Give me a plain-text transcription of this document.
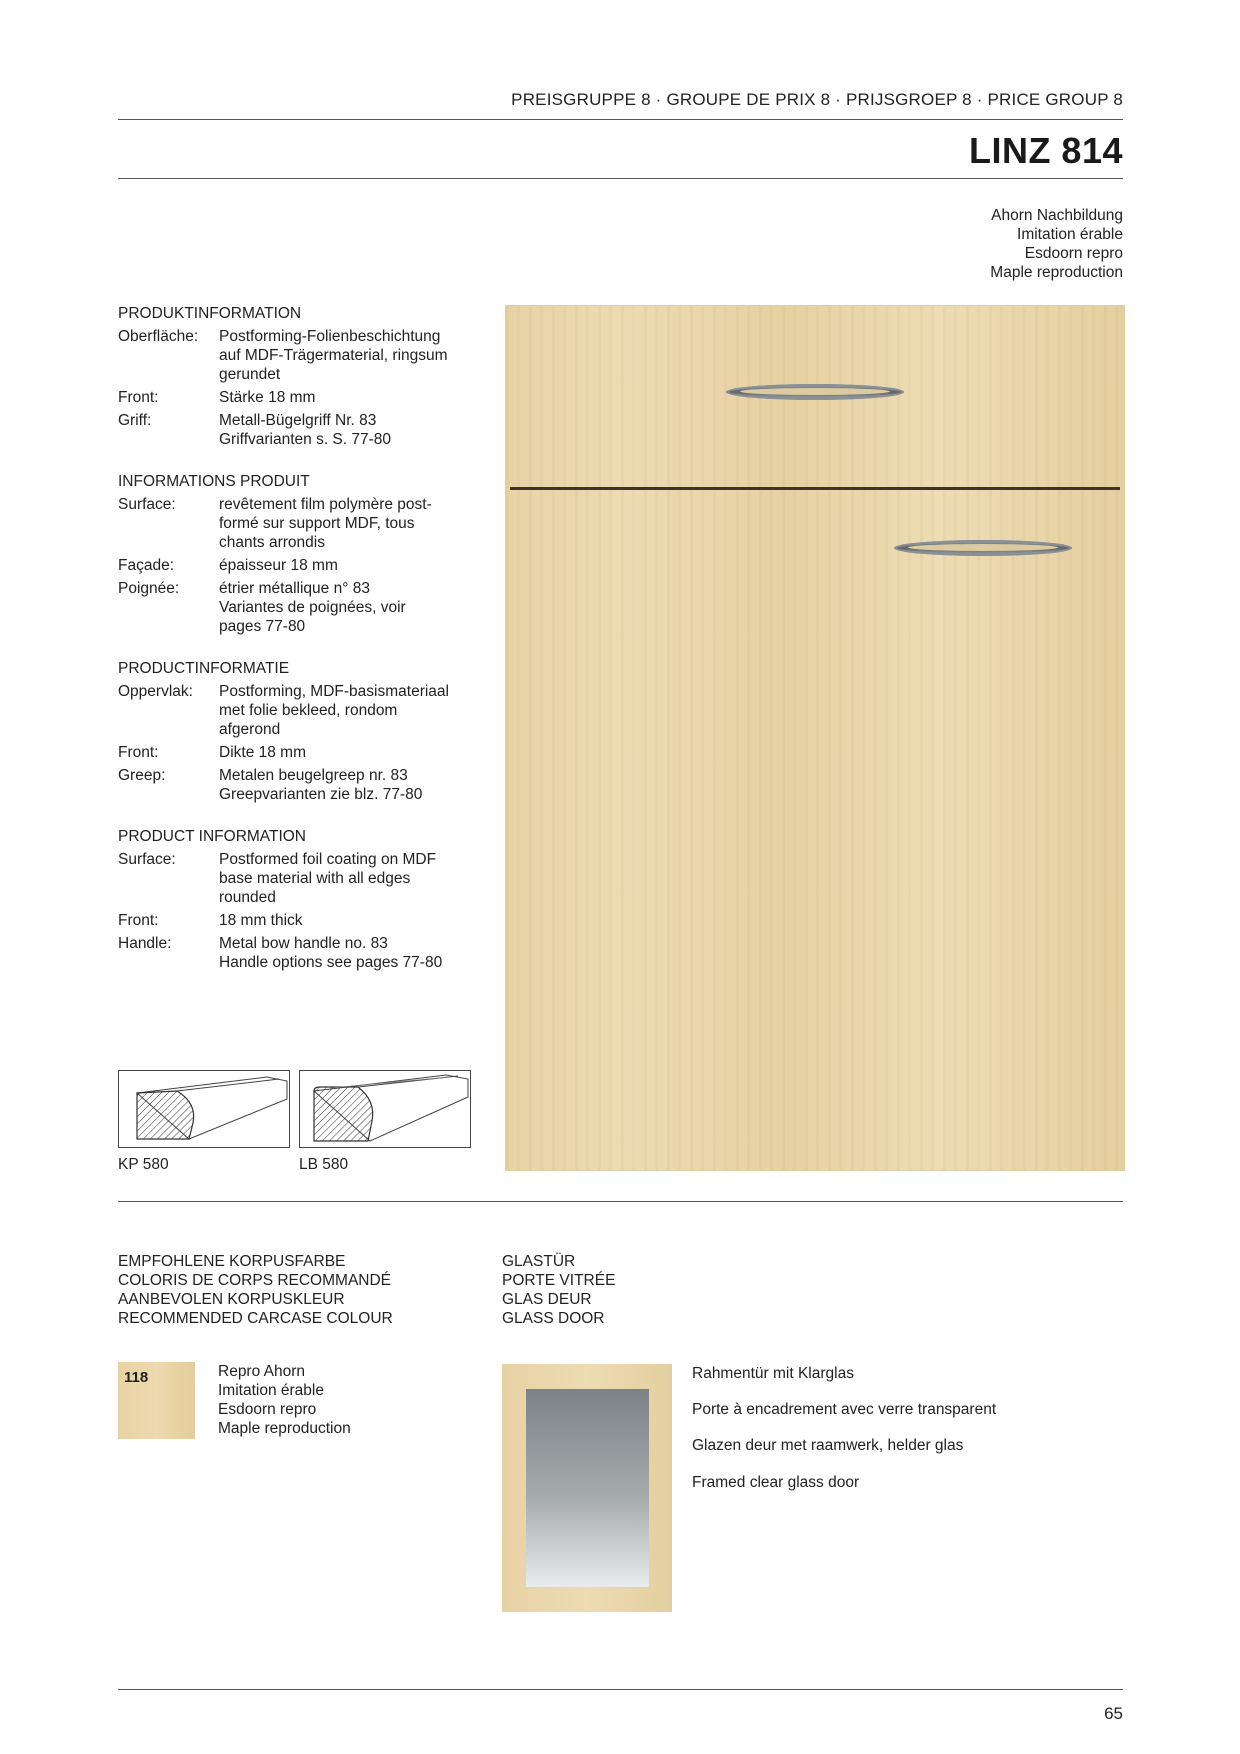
PREISGRUPPE 8 · GROUPE DE PRIX 8 · PRIJSGROEP 8 · PRICE GROUP 8
LINZ 814
Ahorn Nachbildung
Imitation érable
Esdoorn repro
Maple reproduction
PRODUKTINFORMATION
Oberfläche:	Postforming-Folienbeschichtung
auf MDF-Trägermaterial, ringsum
gerundet
Front:	Stärke 18 mm
Griff:	Metall-Bügelgriff Nr. 83
Griffvarianten s. S. 77-80
INFORMATIONS PRODUIT
Surface:	revêtement film polymère post-
formé sur support MDF, tous
chants arrondis
Façade:	épaisseur 18 mm
Poignée:	étrier métallique n° 83
Variantes de poignées, voir
pages 77-80
PRODUCTINFORMATIE
Oppervlak:	Postforming, MDF-basismateriaal
met folie bekleed, rondom
afgerond
Front:	Dikte 18 mm
Greep:	Metalen beugelgreep nr. 83
Greepvarianten zie blz. 77-80
PRODUCT INFORMATION
Surface:	Postformed foil coating on MDF
base material with all edges
rounded
Front:	18 mm thick
Handle:	Metal bow handle no. 83
Handle options see pages 77-80
KP 580	LB 580
EMPFOHLENE KORPUSFARBE
COLORIS DE CORPS RECOMMANDÉ
AANBEVOLEN KORPUSKLEUR
RECOMMENDED CARCASE COLOUR
118	Repro Ahorn
Imitation érable
Esdoorn repro
Maple reproduction
GLASTÜR
PORTE VITRÉE
GLAS DEUR
GLASS DOOR
Rahmentür mit Klarglas
Porte à encadrement avec verre transparent
Glazen deur met raamwerk, helder glas
Framed clear glass door
65
